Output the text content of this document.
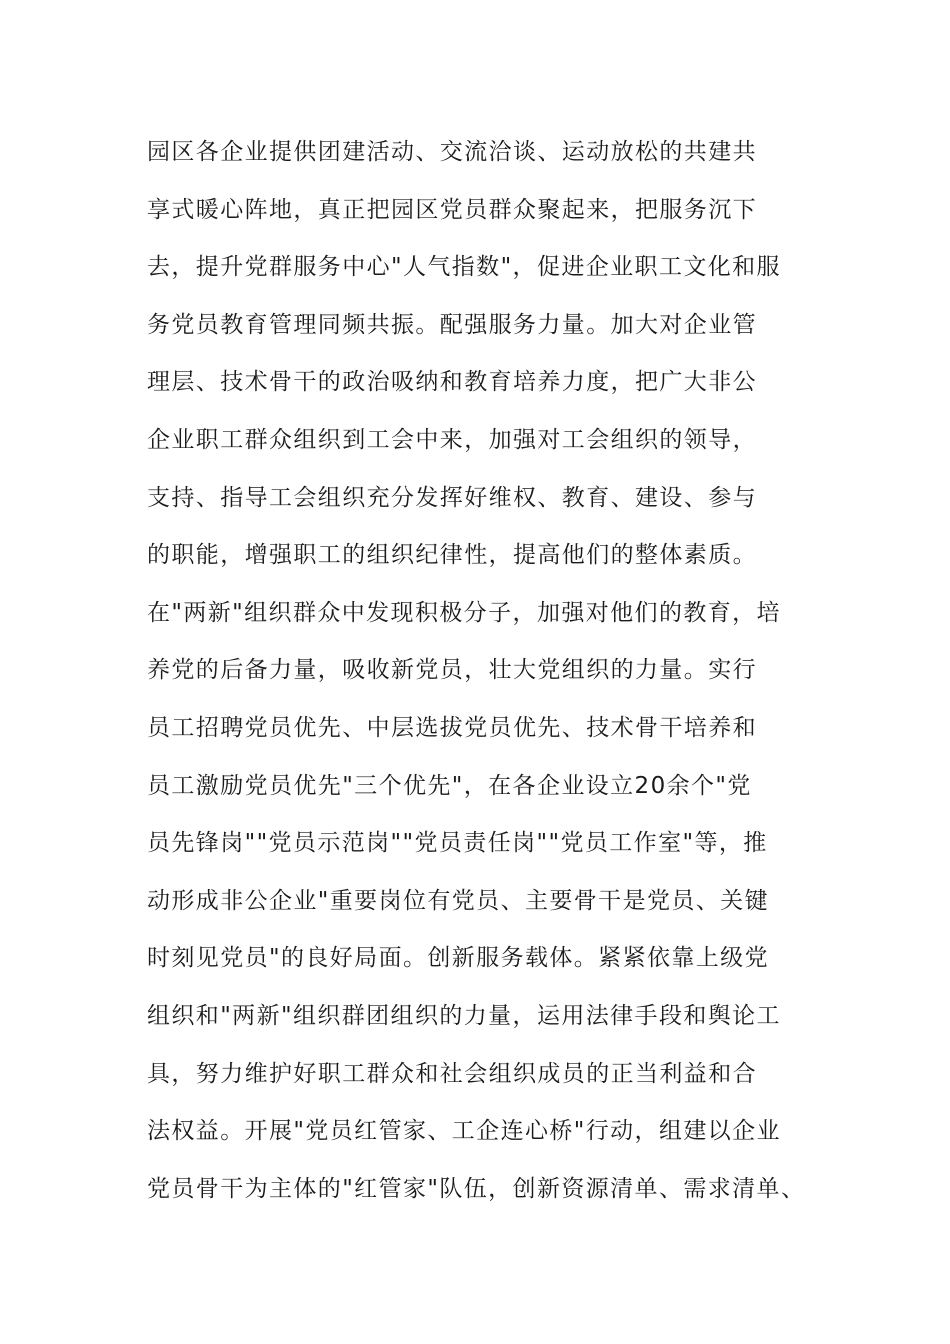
园区各企业提供团建活动、交流洽谈、运动放松的共建共
享式暖心阵地，真正把园区党员群众聚起来，把服务沉下
去，提升党群服务中心"人气指数"，促进企业职工文化和服
务党员教育管理同频共振。配强服务力量。加大对企业管
理层、技术骨干的政治吸纳和教育培养力度，把广大非公
企业职工群众组织到工会中来，加强对工会组织的领导，
支持、指导工会组织充分发挥好维权、教育、建设、参与
的职能，增强职工的组织纪律性，提高他们的整体素质。
在"两新"组织群众中发现积极分子，加强对他们的教育，培
养党的后备力量，吸收新党员，壮大党组织的力量。实行
员工招聘党员优先、中层选拔党员优先、技术骨干培养和
员工激励党员优先"三个优先"，在各企业设立20余个"党
员先锋岗""党员示范岗""党员责任岗""党员工作室"等，推
动形成非公企业"重要岗位有党员、主要骨干是党员、关键
时刻见党员"的良好局面。创新服务载体。紧紧依靠上级党
组织和"两新"组织群团组织的力量，运用法律手段和舆论工
具，努力维护好职工群众和社会组织成员的正当利益和合
法权益。开展"党员红管家、工企连心桥"行动，组建以企业
党员骨干为主体的"红管家"队伍，创新资源清单、需求清单、
